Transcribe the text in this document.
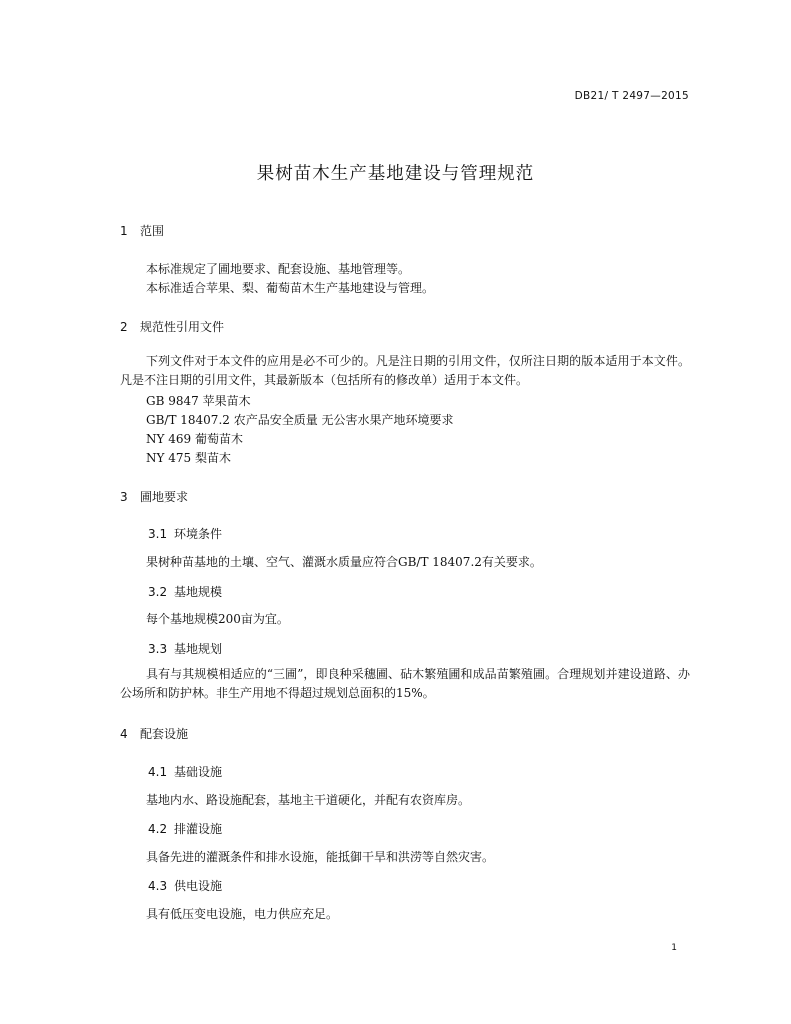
DB21/ T 2497—2015
果树苗木生产基地建设与管理规范
1 范围
本标准规定了圃地要求、配套设施、基地管理等。
本标准适合苹果、梨、葡萄苗木生产基地建设与管理。
2 规范性引用文件
下列文件对于本文件的应用是必不可少的。凡是注日期的引用文件，仅所注日期的版本适用于本文件。凡是不注日期的引用文件，其最新版本（包括所有的修改单）适用于本文件。
GB 9847 苹果苗木
GB/T 18407.2 农产品安全质量 无公害水果产地环境要求
NY 469 葡萄苗木
NY 475 梨苗木
3 圃地要求
3.1 环境条件
果树种苗基地的土壤、空气、灌溉水质量应符合GB/T 18407.2有关要求。
3.2 基地规模
每个基地规模200亩为宜。
3.3 基地规划
具有与其规模相适应的“三圃”，即良种采穗圃、砧木繁殖圃和成品苗繁殖圃。合理规划并建设道路、办公场所和防护林。非生产用地不得超过规划总面积的15%。
4 配套设施
4.1 基础设施
基地内水、路设施配套，基地主干道硬化，并配有农资库房。
4.2 排灌设施
具备先进的灌溉条件和排水设施，能抵御干旱和洪涝等自然灾害。
4.3 供电设施
具有低压变电设施，电力供应充足。
1
